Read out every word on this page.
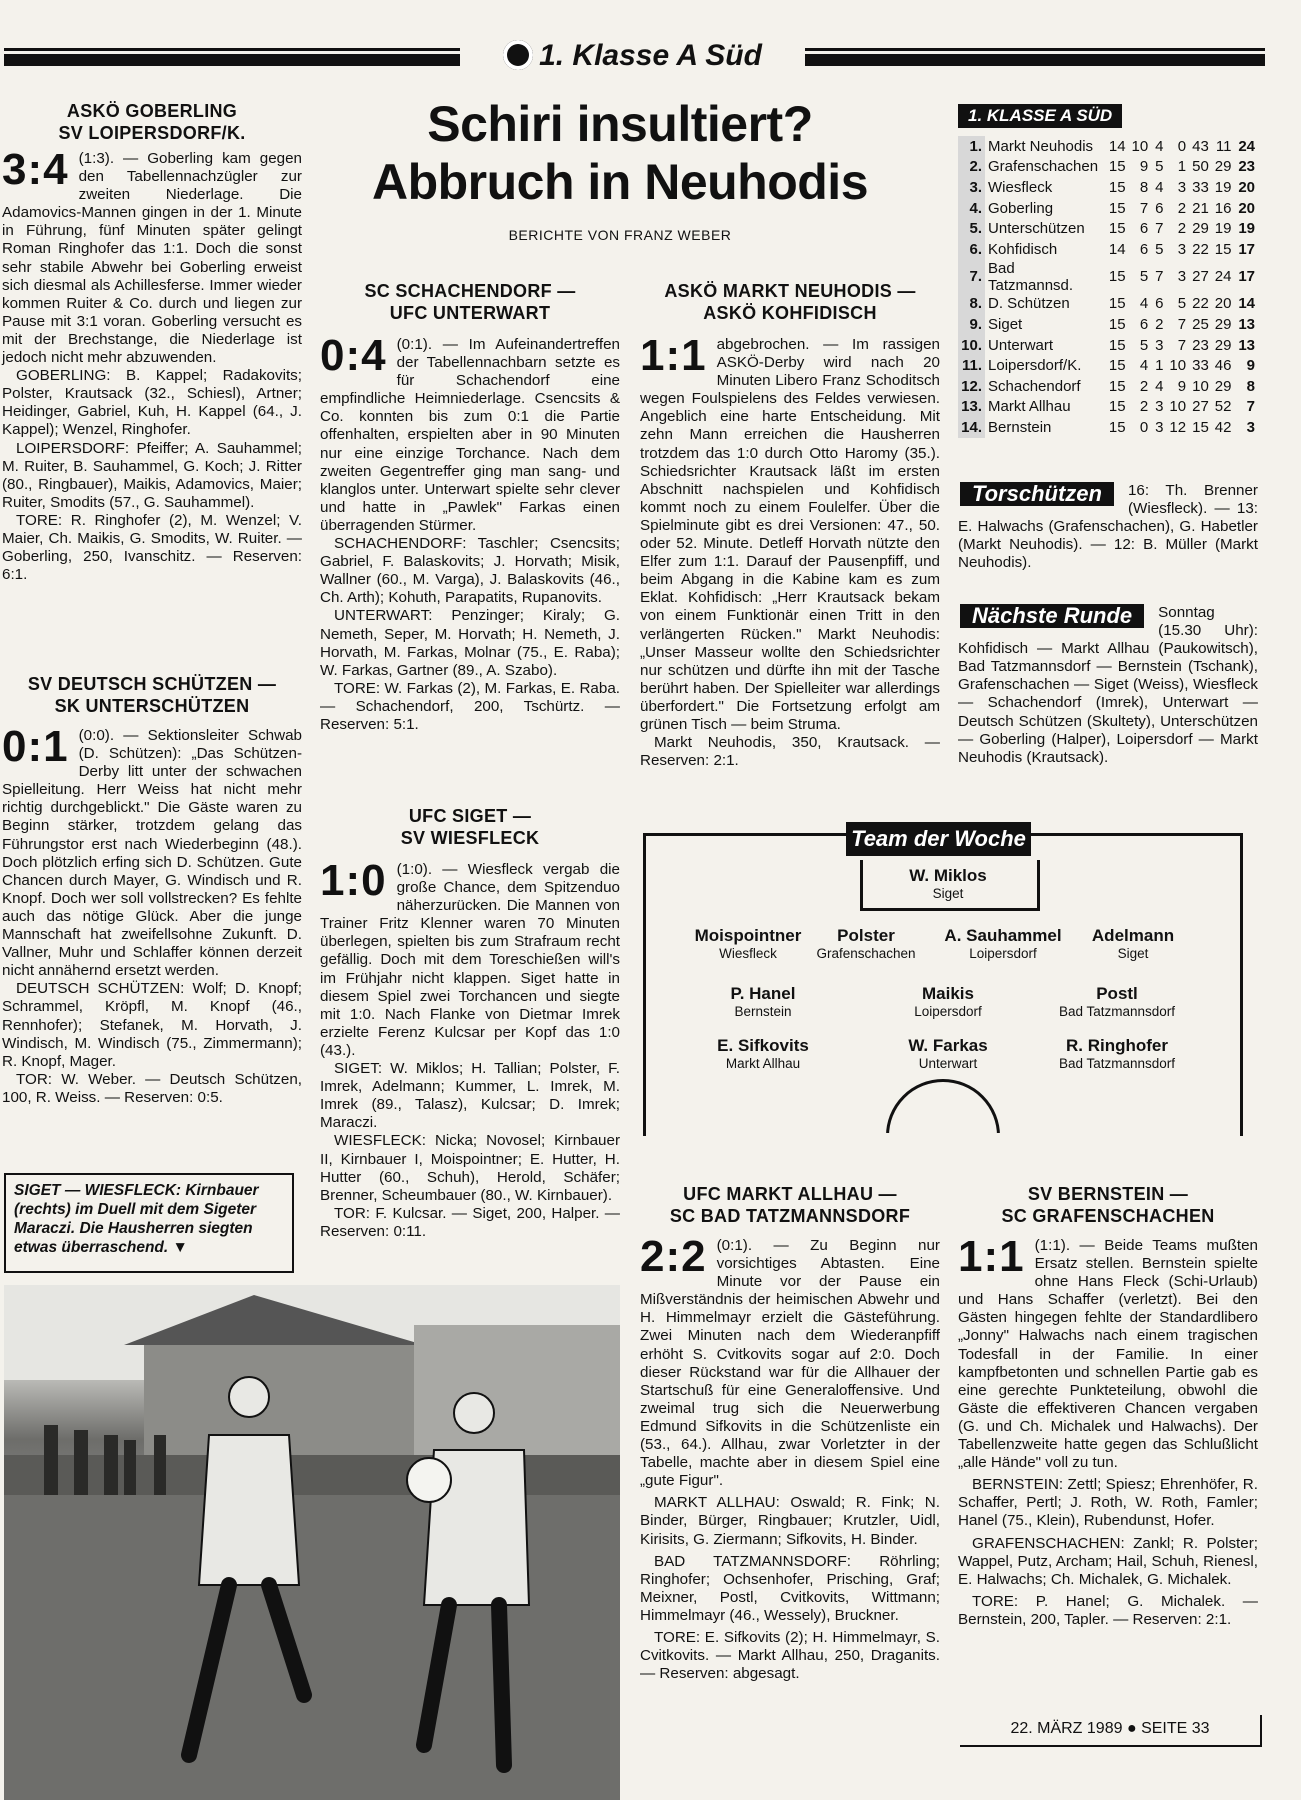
1. Klasse A Süd
Schiri insultiert?
Abbruch in Neuhodis
BERICHTE VON FRANZ WEBER
ASKÖ GOBERLING
SV LOIPERSDORF/K.
3:4 (1:3). — Goberling kam gegen den Tabellennachzügler zur zweiten Niederlage. Die Adamovics-Mannen gingen in der 1. Minute in Führung, fünf Minuten später gelingt Roman Ringhofer das 1:1. Doch die sonst sehr stabile Abwehr bei Goberling erweist sich diesmal als Achillesferse. Immer wieder kommen Ruiter & Co. durch und liegen zur Pause mit 3:1 voran. Goberling versucht es mit der Brechstange, die Niederlage ist jedoch nicht mehr abzuwenden.

GOBERLING: B. Kappel; Radakovits; Polster, Krautsack (32., Schiesl), Artner; Heidinger, Gabriel, Kuh, H. Kappel (64., J. Kappel); Wenzel, Ringhofer.

LOIPERSDORF: Pfeiffer; A. Sauhammel; M. Ruiter, B. Sauhammel, G. Koch; J. Ritter (80., Ringbauer), Maikis, Adamovics, Maier; Ruiter, Smodits (57., G. Sauhammel).

TORE: R. Ringhofer (2), M. Wenzel; V. Maier, Ch. Maikis, G. Smodits, W. Ruiter. — Goberling, 250, Ivanschitz. — Reserven: 6:1.

SV DEUTSCH SCHÜTZEN —
SK UNTERSCHÜTZEN
0:1 (0:0). — Sektionsleiter Schwab (D. Schützen): „Das Schützen-Derby litt unter der schwachen Spielleitung. Herr Weiss hat nicht mehr richtig durchgeblickt." Die Gäste waren zu Beginn stärker, trotzdem gelang das Führungstor erst nach Wiederbeginn (48.). Doch plötzlich erfing sich D. Schützen. Gute Chancen durch Mayer, G. Windisch und R. Knopf. Doch wer soll vollstrecken? Es fehlte auch das nötige Glück. Aber die junge Mannschaft hat zweifellsohne Zukunft. D. Vallner, Muhr und Schlaffer können derzeit nicht annähernd ersetzt werden.

DEUTSCH SCHÜTZEN: Wolf; D. Knopf; Schrammel, Kröpfl, M. Knopf (46., Rennhofer); Stefanek, M. Horvath, J. Windisch, M. Windisch (75., Zimmermann); R. Knopf, Mager.

TOR: W. Weber. — Deutsch Schützen, 100, R. Weiss. — Reserven: 0:5.

SIGET — WIESFLECK: Kirnbauer (rechts) im Duell mit dem Sigeter Maraczi. Die Hausherren siegten etwas überraschend. ▼
SC SCHACHENDORF —
UFC UNTERWART
0:4 (0:1). — Im Aufeinandertreffen der Tabellennachbarn setzte es für Schachendorf eine empfindliche Heimniederlage. Csencsits & Co. konnten bis zum 0:1 die Partie offenhalten, erspielten aber in 90 Minuten nur eine einzige Torchance. Nach dem zweiten Gegentreffer ging man sang- und klanglos unter. Unterwart spielte sehr clever und hatte in „Pawlek" Farkas einen überragenden Stürmer.

SCHACHENDORF: Taschler; Csencsits; Gabriel, F. Balaskovits; J. Horvath; Misik, Wallner (60., M. Varga), J. Balaskovits (46., Ch. Arth); Kohuth, Parapatits, Rupanovits.

UNTERWART: Penzinger; Kiraly; G. Nemeth, Seper, M. Horvath; H. Nemeth, J. Horvath, M. Farkas, Molnar (75., E. Raba); W. Farkas, Gartner (89., A. Szabo).

TORE: W. Farkas (2), M. Farkas, E. Raba. — Schachendorf, 200, Tschürtz. — Reserven: 5:1.

UFC SIGET —
SV WIESFLECK
1:0 (1:0). — Wiesfleck vergab die große Chance, dem Spitzenduo näherzurücken. Die Mannen von Trainer Fritz Klenner waren 70 Minuten überlegen, spielten bis zum Strafraum recht gefällig. Doch mit dem Toreschießen will's im Frühjahr nicht klappen. Siget hatte in diesem Spiel zwei Torchancen und siegte mit 1:0. Nach Flanke von Dietmar Imrek erzielte Ferenz Kulcsar per Kopf das 1:0 (43.).

SIGET: W. Miklos; H. Tallian; Polster, F. Imrek, Adelmann; Kummer, L. Imrek, M. Imrek (89., Talasz), Kulcsar; D. Imrek; Maraczi.

WIESFLECK: Nicka; Novosel; Kirnbauer II, Kirnbauer I, Moispointner; E. Hutter, H. Hutter (60., Schuh), Herold, Schäfer; Brenner, Scheumbauer (80., W. Kirnbauer).

TOR: F. Kulcsar. — Siget, 200, Halper. — Reserven: 0:11.

ASKÖ MARKT NEUHODIS —
ASKÖ KOHFIDISCH
1:1 abgebrochen. — Im rassigen ASKÖ-Derby wird nach 20 Minuten Libero Franz Schoditsch wegen Foulspielens des Feldes verwiesen. Angeblich eine harte Entscheidung. Mit zehn Mann erreichen die Hausherren trotzdem das 1:0 durch Otto Haromy (35.). Schiedsrichter Krautsack läßt im ersten Abschnitt nachspielen und Kohfidisch kommt noch zu einem Foulelfer. Über die Spielminute gibt es drei Versionen: 47., 50. oder 52. Minute. Detleff Horvath nützte den Elfer zum 1:1. Darauf der Pausenpfiff, und beim Abgang in die Kabine kam es zum Eklat. Kohfidisch: „Herr Krautsack bekam von einem Funktionär einen Tritt in den verlängerten Rücken." Markt Neuhodis: „Unser Masseur wollte den Schiedsrichter nur schützen und dürfte ihn mit der Tasche berührt haben. Der Spielleiter war allerdings überfordert." Die Fortsetzung erfolgt am grünen Tisch — beim Struma.

Markt Neuhodis, 350, Krautsack. — Reserven: 2:1.

1. KLASSE A SÜD
1.	Markt Neuhodis	14	10	4	0	43	11	24
2.	Grafenschachen	15	9	5	1	50	29	23
3.	Wiesfleck	15	8	4	3	33	19	20
4.	Goberling	15	7	6	2	21	16	20
5.	Unterschützen	15	6	7	2	29	19	19
6.	Kohfidisch	14	6	5	3	22	15	17
7.	Bad Tatzmannsd.	15	5	7	3	27	24	17
8.	D. Schützen	15	4	6	5	22	20	14
9.	Siget	15	6	2	7	25	29	13
10.	Unterwart	15	5	3	7	23	29	13
11.	Loipersdorf/K.	15	4	1	10	33	46	9
12.	Schachendorf	15	2	4	9	10	29	8
13.	Markt Allhau	15	2	3	10	27	52	7
14.	Bernstein	15	0	3	12	15	42	3
Torschützen	16: Th. Brenner (Wiesfleck). — 13: E. Halwachs (Grafenschachen), G. Habetler (Markt Neuhodis). — 12: B. Müller (Markt Neuhodis).
Nächste Runde	Sonntag (15.30 Uhr): Kohfidisch — Markt Allhau (Paukowitsch), Bad Tatzmannsdorf — Bernstein (Tschank), Grafenschachen — Siget (Weiss), Wiesfleck — Schachendorf (Imrek), Unterwart — Deutsch Schützen (Skultety), Unterschützen — Goberling (Halper), Loipersdorf — Markt Neuhodis (Krautsack).
Team der Woche
W. Miklos
Siget
Moispointner
Wiesfleck
Polster
Grafenschachen
A. Sauhammel
Loipersdorf
Adelmann
Siget
P. Hanel
Bernstein
Maikis
Loipersdorf
Postl
Bad Tatzmannsdorf
E. Sifkovits
Markt Allhau
W. Farkas
Unterwart
R. Ringhofer
Bad Tatzmannsdorf
UFC MARKT ALLHAU —
SC BAD TATZMANNSDORF
2:2 (0:1). — Zu Beginn nur vorsichtiges Abtasten. Eine Minute vor der Pause ein Mißverständnis der heimischen Abwehr und H. Himmelmayr erzielt die Gästeführung. Zwei Minuten nach dem Wiederanpfiff erhöht S. Cvitkovits sogar auf 2:0. Doch dieser Rückstand war für die Allhauer der Startschuß für eine Generaloffensive. Und zweimal trug sich die Neuerwerbung Edmund Sifkovits in die Schützenliste ein (53., 64.). Allhau, zwar Vorletzter in der Tabelle, machte aber in diesem Spiel eine „gute Figur".

MARKT ALLHAU: Oswald; R. Fink; N. Binder, Bürger, Ringbauer; Krutzler, Uidl, Kirisits, G. Ziermann; Sifkovits, H. Binder.

BAD TATZMANNSDORF: Röhrling; Ringhofer; Ochsenhofer, Prisching, Graf; Meixner, Postl, Cvitkovits, Wittmann; Himmelmayr (46., Wessely), Bruckner.

TORE: E. Sifkovits (2); H. Himmelmayr, S. Cvitkovits. — Markt Allhau, 250, Draganits. — Reserven: abgesagt.

SV BERNSTEIN —
SC GRAFENSCHACHEN
1:1 (1:1). — Beide Teams mußten Ersatz stellen. Bernstein spielte ohne Hans Fleck (Schi-Urlaub) und Hans Schaffer (verletzt). Bei den Gästen hingegen fehlte der Standardlibero „Jonny" Halwachs nach einem tragischen Todesfall in der Familie. In einer kampfbetonten und schnellen Partie gab es eine gerechte Punkteteilung, obwohl die Gäste die effektiveren Chancen vergaben (G. und Ch. Michalek und Halwachs). Der Tabellenzweite hatte gegen das Schlußlicht „alle Hände" voll zu tun.

BERNSTEIN: Zettl; Spiesz; Ehrenhöfer, R. Schaffer, Pertl; J. Roth, W. Roth, Famler; Hanel (75., Klein), Rubendunst, Hofer.

GRAFENSCHACHEN: Zankl; R. Polster; Wappel, Putz, Archam; Hail, Schuh, Rienesl, E. Halwachs; Ch. Michalek, G. Michalek.

TORE: P. Hanel; G. Michalek. — Bernstein, 200, Tapler. — Reserven: 2:1.

22. MÄRZ 1989 ● SEITE 33
